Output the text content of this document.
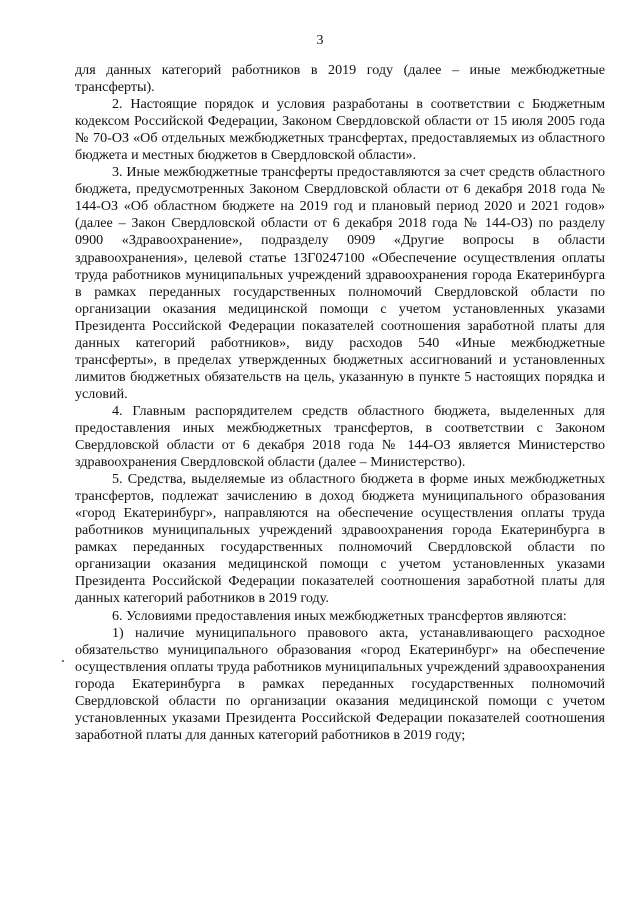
3

для данных категорий работников в 2019 году (далее – иные межбюджетные трансферты).

2. Настоящие порядок и условия разработаны в соответствии с Бюджетным кодексом Российской Федерации, Законом Свердловской области от 15 июля 2005 года № 70-ОЗ «Об отдельных межбюджетных трансфертах, предоставляемых из областного бюджета и местных бюджетов в Свердловской области».

3. Иные межбюджетные трансферты предоставляются за счет средств областного бюджета, предусмотренных Законом Свердловской области от 6 декабря 2018 года № 144-ОЗ «Об областном бюджете на 2019 год и плановый период 2020 и 2021 годов» (далее – Закон Свердловской области от 6 декабря 2018 года № 144-ОЗ) по разделу 0900 «Здравоохранение», подразделу 0909 «Другие вопросы в области здравоохранения», целевой статье 13Г0247100 «Обеспечение осуществления оплаты труда работников муниципальных учреждений здравоохранения города Екатеринбурга в рамках переданных государственных полномочий Свердловской области по организации оказания медицинской помощи с учетом установленных указами Президента Российской Федерации показателей соотношения заработной платы для данных категорий работников», виду расходов 540 «Иные межбюджетные трансферты», в пределах утвержденных бюджетных ассигнований и установленных лимитов бюджетных обязательств на цель, указанную в пункте 5 настоящих порядка и условий.

4. Главным распорядителем средств областного бюджета, выделенных для предоставления иных межбюджетных трансфертов, в соответствии с Законом Свердловской области от 6 декабря 2018 года № 144-ОЗ является Министерство здравоохранения Свердловской области (далее – Министерство).

5. Средства, выделяемые из областного бюджета в форме иных межбюджетных трансфертов, подлежат зачислению в доход бюджета муниципального образования «город Екатеринбург», направляются на обеспечение осуществления оплаты труда работников муниципальных учреждений здравоохранения города Екатеринбурга в рамках переданных государственных полномочий Свердловской области по организации оказания медицинской помощи с учетом установленных указами Президента Российской Федерации показателей соотношения заработной платы для данных категорий работников в 2019 году.

6. Условиями предоставления иных межбюджетных трансфертов являются:

1) наличие муниципального правового акта, устанавливающего расходное обязательство муниципального образования «город Екатеринбург» на обеспечение осуществления оплаты труда работников муниципальных учреждений здравоохранения города Екатеринбурга в рамках переданных государственных полномочий Свердловской области по организации оказания медицинской помощи с учетом установленных указами Президента Российской Федерации показателей соотношения заработной платы для данных категорий работников в 2019 году;
